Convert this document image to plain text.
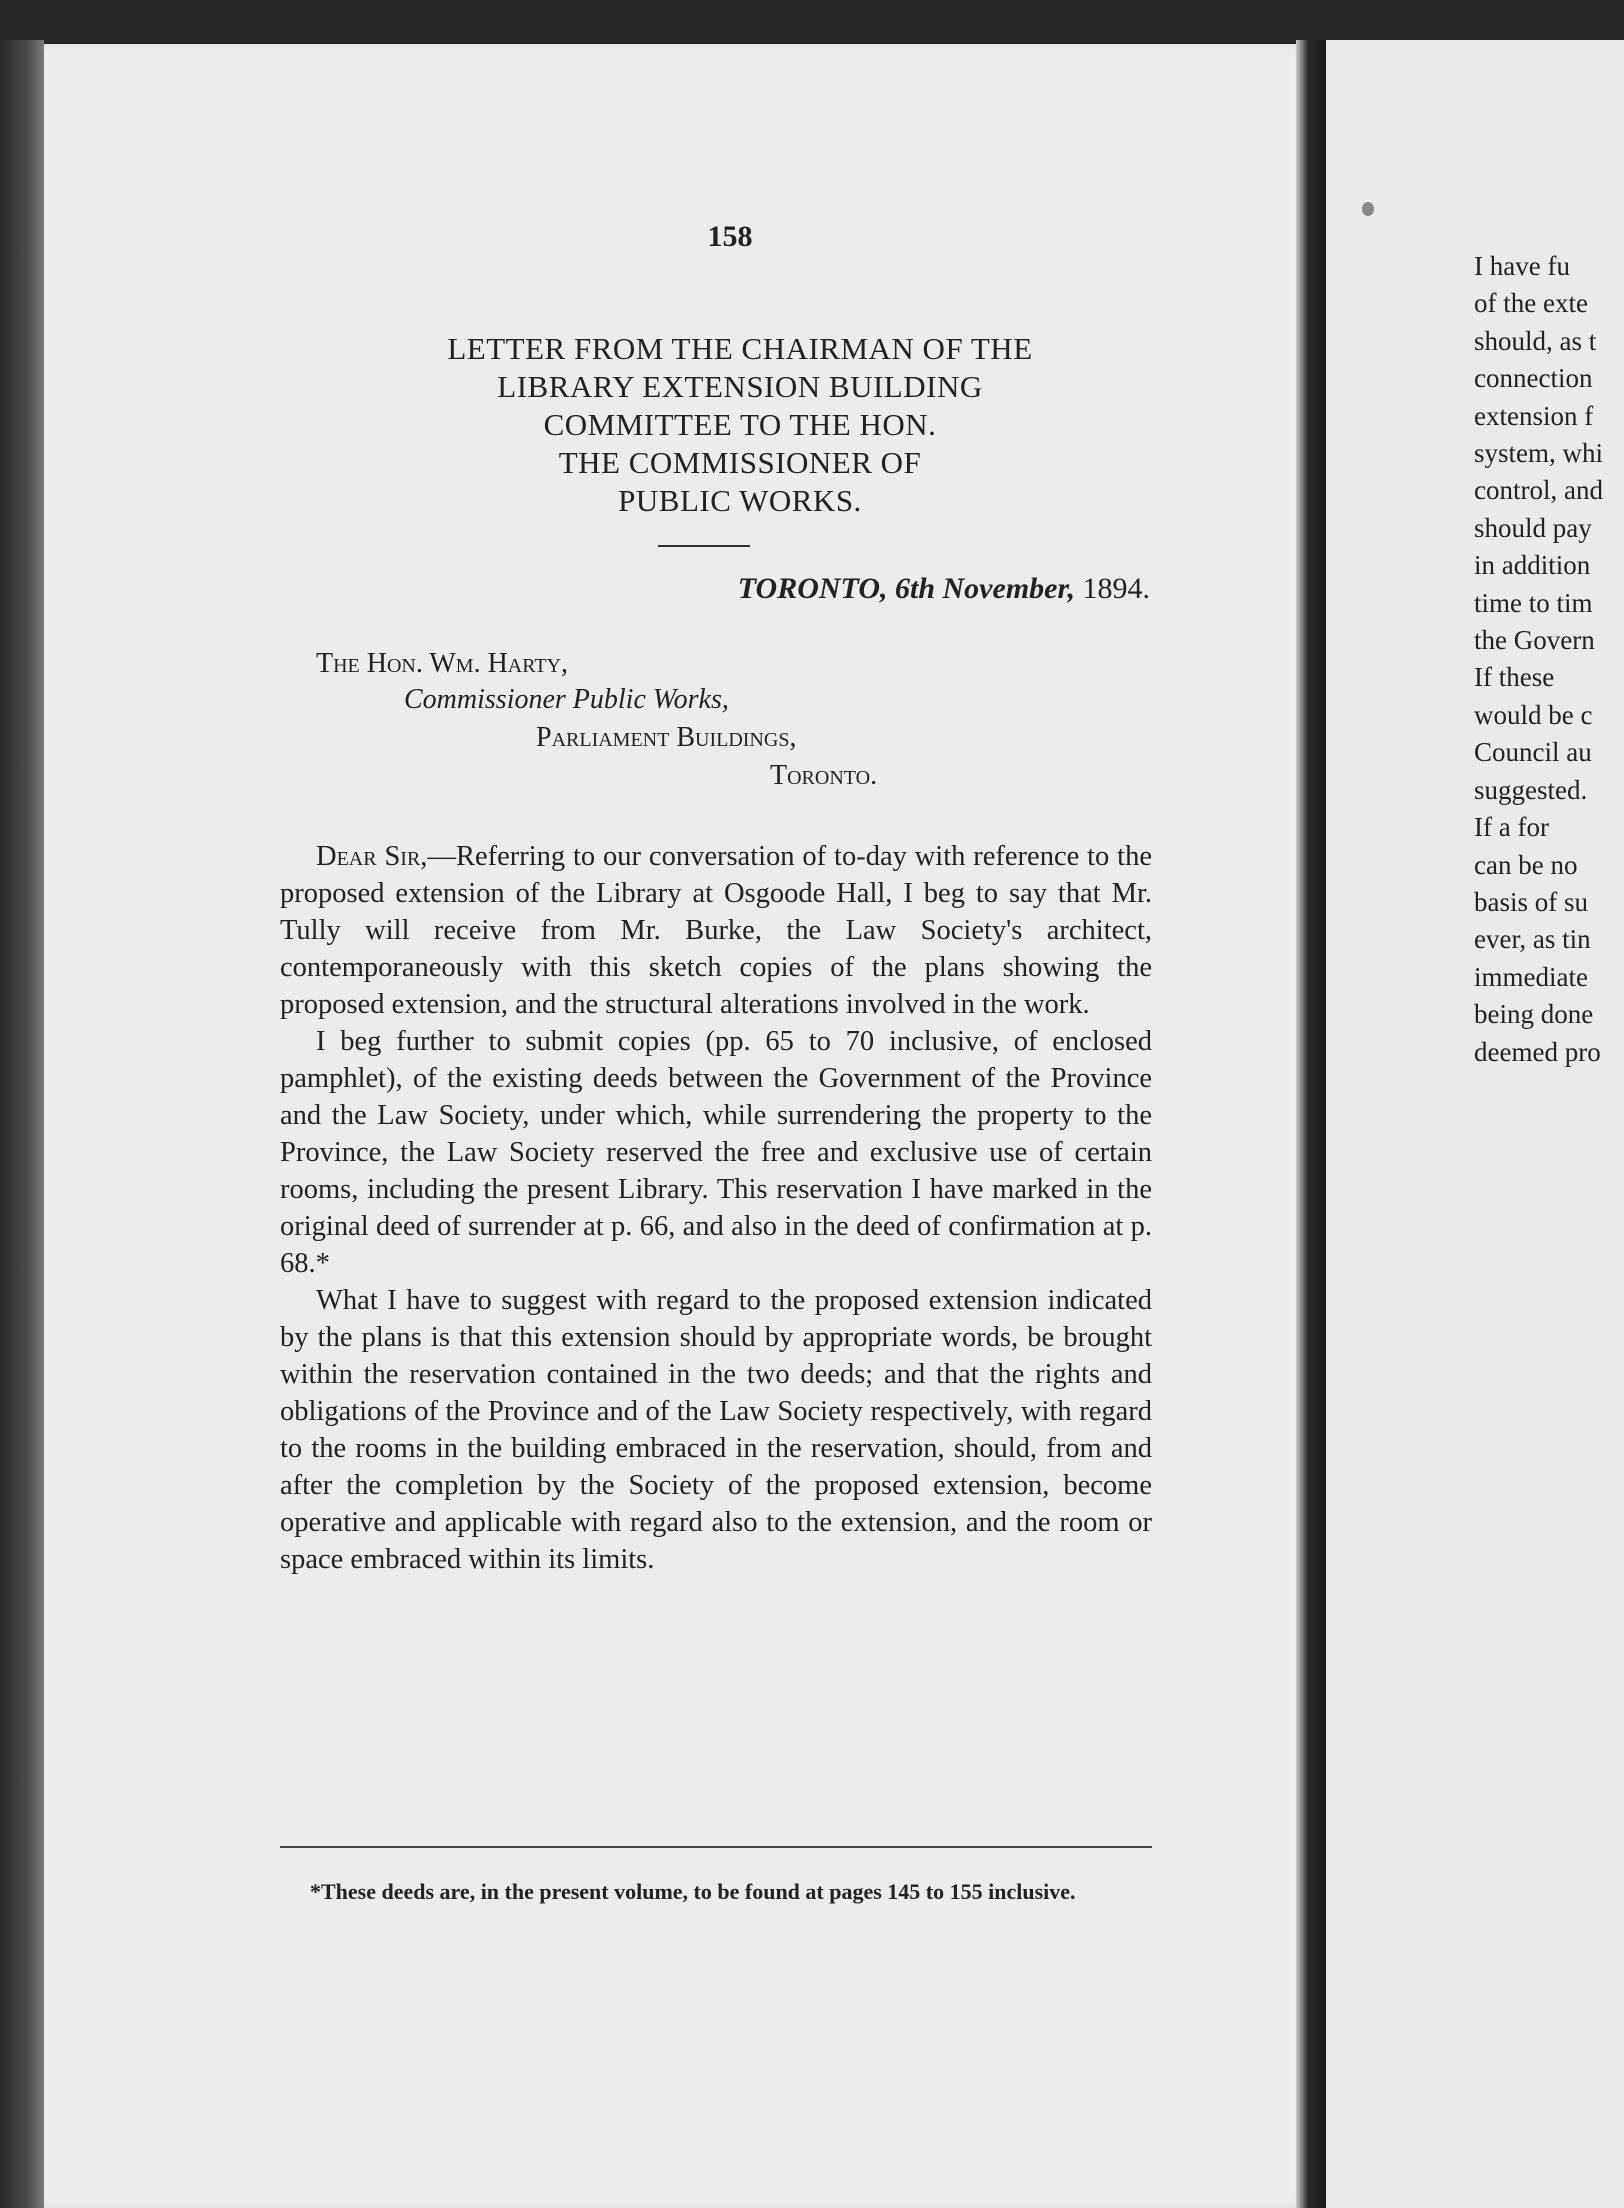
158
LETTER FROM THE CHAIRMAN OF THE
LIBRARY EXTENSION BUILDING
COMMITTEE TO THE HON.
THE COMMISSIONER OF
PUBLIC WORKS.
TORONTO, 6th November, 1894.
The Hon. Wm. Harty,
Commissioner Public Works,
Parliament Buildings,
Toronto.

Dear Sir,—Referring to our conversation of to-day with reference to the proposed extension of the Library at Osgoode Hall, I beg to say that Mr. Tully will receive from Mr. Burke, the Law Society's architect, contemporaneously with this sketch copies of the plans showing the proposed extension, and the structural alterations involved in the work.

I beg further to submit copies (pp. 65 to 70 inclusive, of enclosed pamphlet), of the existing deeds between the Government of the Province and the Law Society, under which, while surrendering the property to the Province, the Law Society reserved the free and exclusive use of certain rooms, including the present Library. This reservation I have marked in the original deed of surrender at p. 66, and also in the deed of confirmation at p. 68.*

What I have to suggest with regard to the proposed extension indicated by the plans is that this extension should by appropriate words, be brought within the reservation contained in the two deeds; and that the rights and obligations of the Province and of the Law Society respectively, with regard to the rooms in the building embraced in the reservation, should, from and after the completion by the Society of the proposed extension, become operative and applicable with regard also to the extension, and the room or space embraced within its limits.

*These deeds are, in the present volume, to be found at pages 145 to 155 inclusive.
I have fu
of the exte
should, as t
connection
extension f
system, whi
control, and
should pay
in addition
time to tim
the Govern
If these
would be c
Council au
suggested.
If a for
can be no
basis of su
ever, as tin
immediate
being done
deemed pro
